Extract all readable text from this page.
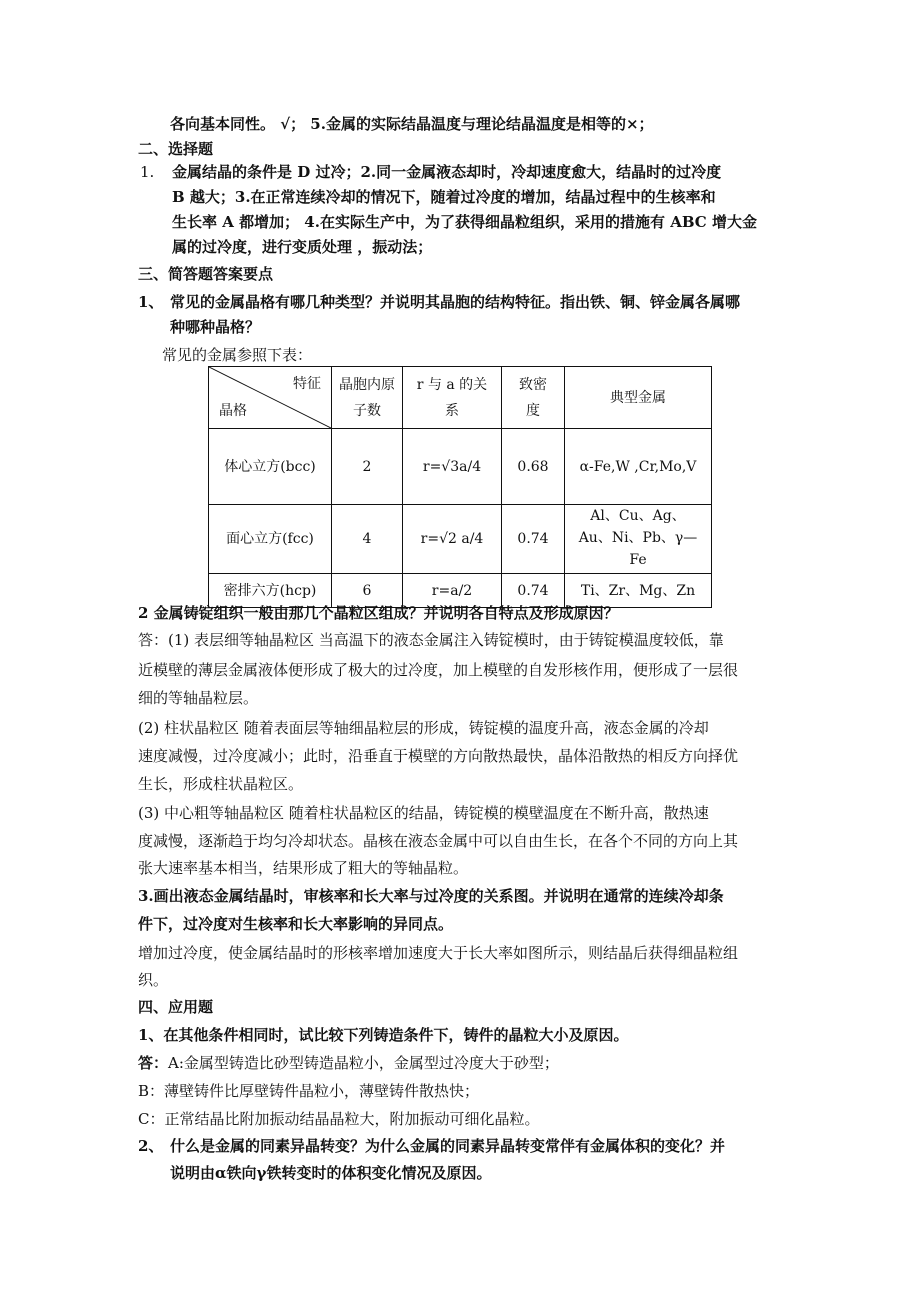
各向基本同性。 √； 5.金属的实际结晶温度与理论结晶温度是相等的×；
二、选择题
1. 金属结晶的条件是 D 过冷；2.同一金属液态却时，冷却速度愈大，结晶时的过冷度
B 越大；3.在正常连续冷却的情况下，随着过冷度的增加，结晶过程中的生核率和
生长率 A 都增加； 4.在实际生产中，为了获得细晶粒组织，采用的措施有 ABC 增大金
属的过冷度，进行变质处理 ，振动法；
三、简答题答案要点
1、 常见的金属晶格有哪几种类型？并说明其晶胞的结构特征。指出铁、铜、锌金属各属哪
种哪种晶格？
常见的金属参照下表：
特征
晶格	晶胞内原子数	r 与 a 的关系	致密度	典型金属
体心立方(bcc)	2	r=√3a/4	0.68	α-Fe,W ,Cr,Mo,V
面心立方(fcc)	4	r=√2 a/4	0.74	Al、Cu、Ag、Au、Ni、Pb、γ—Fe
密排六方(hcp)	6	r=a/2	0.74	Ti、Zr、Mg、Zn
2 金属铸锭组织一般由那几个晶粒区组成？并说明各自特点及形成原因？
答：(1) 表层细等轴晶粒区 当高温下的液态金属注入铸锭模时，由于铸锭模温度较低，靠
近模壁的薄层金属液体便形成了极大的过冷度，加上模壁的自发形核作用，便形成了一层很
细的等轴晶粒层。
(2) 柱状晶粒区 随着表面层等轴细晶粒层的形成，铸锭模的温度升高，液态金属的冷却
速度减慢，过冷度减小；此时，沿垂直于模壁的方向散热最快，晶体沿散热的相反方向择优
生长，形成柱状晶粒区。
(3) 中心粗等轴晶粒区 随着柱状晶粒区的结晶，铸锭模的模壁温度在不断升高，散热速
度减慢，逐渐趋于均匀冷却状态。晶核在液态金属中可以自由生长，在各个不同的方向上其
张大速率基本相当，结果形成了粗大的等轴晶粒。
3.画出液态金属结晶时，审核率和长大率与过冷度的关系图。并说明在通常的连续冷却条
件下，过冷度对生核率和长大率影响的异同点。
增加过冷度，使金属结晶时的形核率增加速度大于长大率如图所示，则结晶后获得细晶粒组
织。
四、应用题
1、在其他条件相同时，试比较下列铸造条件下，铸件的晶粒大小及原因。
答：A:金属型铸造比砂型铸造晶粒小，金属型过冷度大于砂型；
B：薄壁铸件比厚壁铸件晶粒小，薄壁铸件散热快；
C：正常结晶比附加振动结晶晶粒大，附加振动可细化晶粒。
2、 什么是金属的同素异晶转变？为什么金属的同素异晶转变常伴有金属体积的变化？并
说明由α铁向γ铁转变时的体积变化情况及原因。
